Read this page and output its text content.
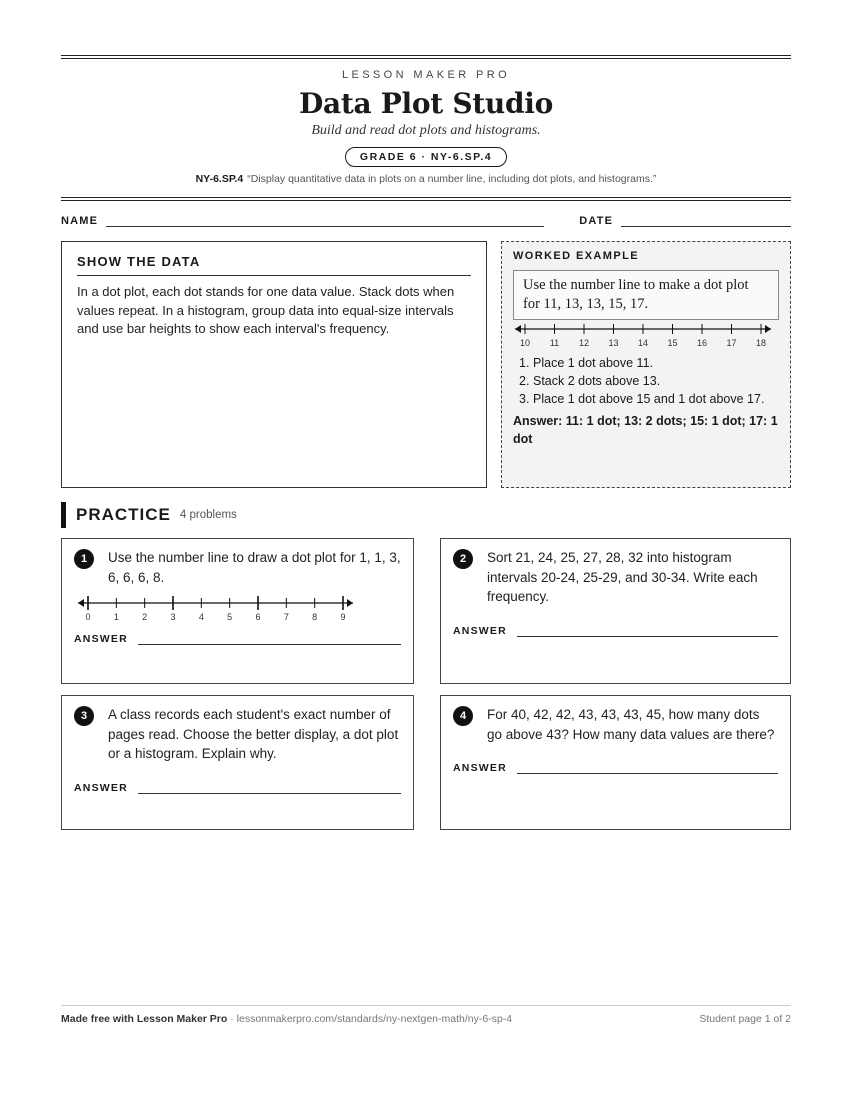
LESSON MAKER PRO
Data Plot Studio
Build and read dot plots and histograms.
GRADE 6 · NY-6.SP.4
NY-6.SP.4 “Display quantitative data in plots on a number line, including dot plots, and histograms.”
NAME	DATE
SHOW THE DATA

In a dot plot, each dot stands for one data value. Stack dots when values repeat. In a histogram, group data into equal-size intervals and use bar heights to show each interval's frequency.

WORKED EXAMPLE
Use the number line to make a dot plot for 11, 13, 13, 15, 17.
10 11 12 13 14 15 16 17 18
1. Place 1 dot above 11.
2. Stack 2 dots above 13.
3. Place 1 dot above 15 and 1 dot above 17.
Answer: 11: 1 dot; 13: 2 dots; 15: 1 dot; 17: 1 dot
PRACTICE 4 problems
1	Use the number line to draw a dot plot for 1, 1, 3, 6, 6, 6, 8.
0	1	2	3	4	5	6	7	8	9
ANSWER
2	Sort 21, 24, 25, 27, 28, 32 into histogram intervals 20-24, 25-29, and 30-34. Write each frequency.
ANSWER
3	A class records each student's exact number of pages read. Choose the better display, a dot plot or a histogram. Explain why.
ANSWER
4	For 40, 42, 42, 43, 43, 43, 45, how many dots go above 43? How many data values are there?
ANSWER
Made free with Lesson Maker Pro · lessonmakerpro.com/standards/ny-nextgen-math/ny-6-sp-4	Student page 1 of 2
